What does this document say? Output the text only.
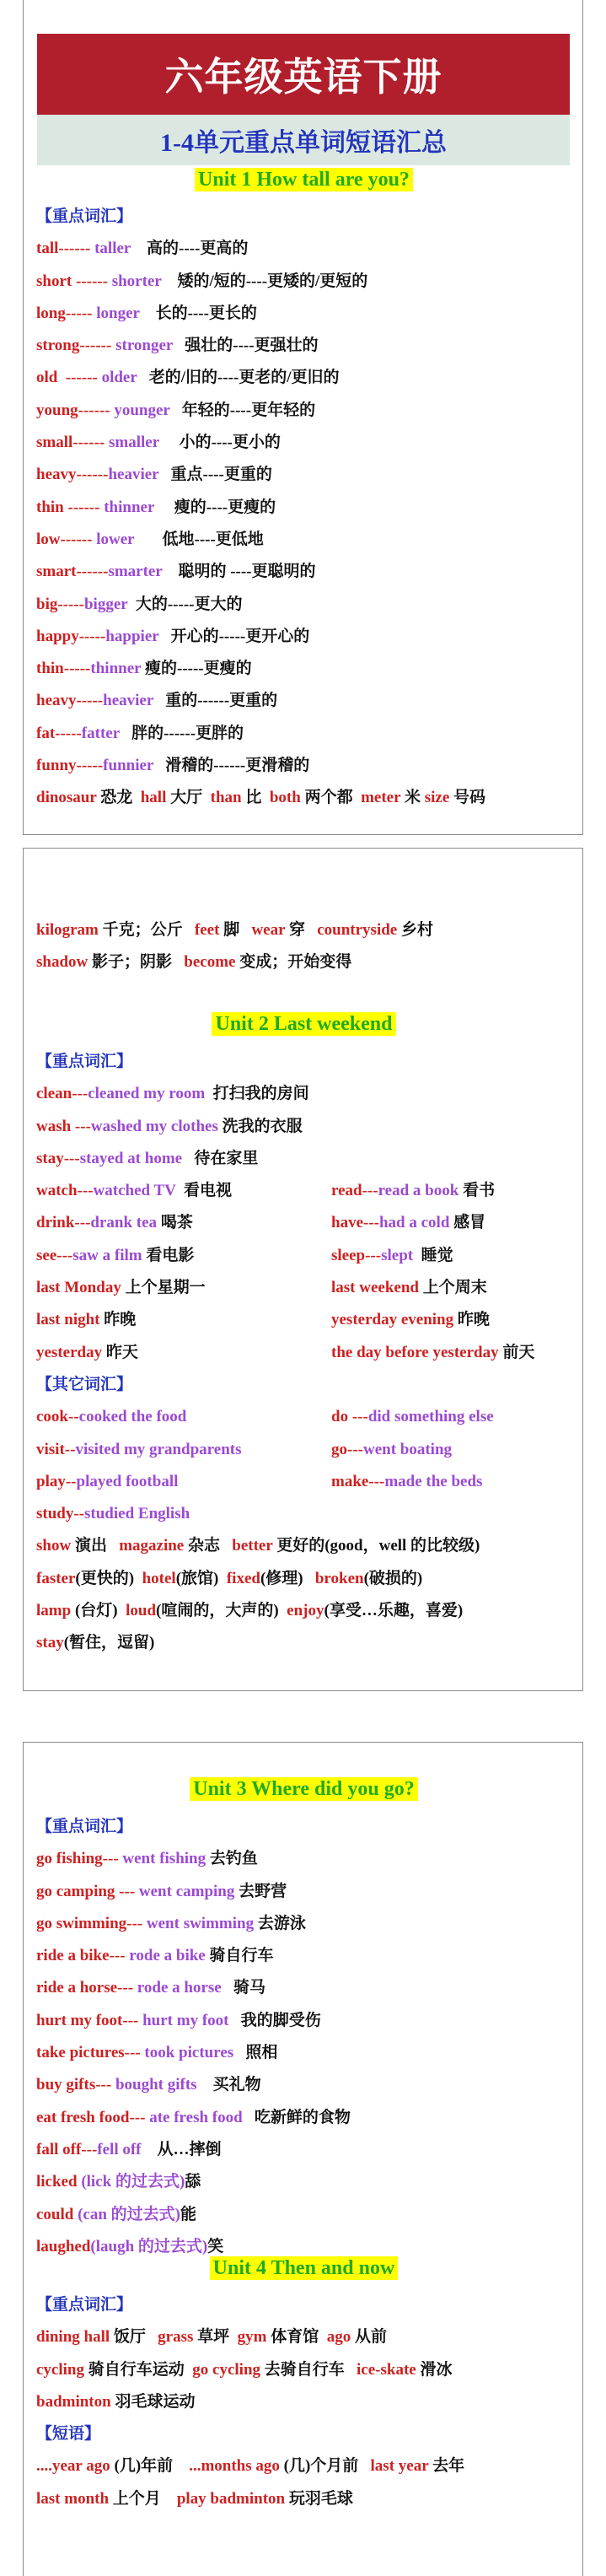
六年级英语下册
1-4单元重点单词短语汇总
Unit 1 How tall are you?
【重点词汇】
tall------ taller    高的----更高的
short ------ shorter    矮的/短的----更矮的/更短的
long----- longer    长的----更长的
strong------ stronger   强壮的----更强壮的
old  ------ older   老的/旧的----更老的/更旧的
young------ younger   年轻的----更年轻的
small------ smaller     小的----更小的
heavy------heavier   重点----更重的
thin ------ thinner     瘦的----更瘦的
low------ lower       低地----更低地
smart------smarter    聪明的 ----更聪明的
big-----bigger  大的-----更大的
happy-----happier   开心的-----更开心的
thin-----thinner 瘦的-----更瘦的
heavy-----heavier   重的------更重的
fat-----fatter   胖的------更胖的
funny-----funnier   滑稽的------更滑稽的
dinosaur 恐龙  hall 大厅  than 比  both 两个都  meter 米 size 号码
kilogram 千克；公斤   feet 脚   wear 穿   countryside 乡村
shadow 影子；阴影   become 变成；开始变得
Unit 2 Last weekend
【重点词汇】
clean---cleaned my room  打扫我的房间
wash ---washed my clothes 洗我的衣服
stay---stayed at home   待在家里
watch---watched TV  看电视	read---read a book 看书
drink---drank tea 喝茶	have---had a cold 感冒
see---saw a film 看电影	sleep---slept  睡觉
last Monday 上个星期一	last weekend 上个周末
last night 昨晚	yesterday evening 昨晚
yesterday 昨天	the day before yesterday 前天
【其它词汇】
cook--cooked the food	do ---did something else
visit--visited my grandparents	go---went boating
play--played football	make---made the beds
study--studied English
show 演出   magazine 杂志   better 更好的(good，well 的比较级)
faster(更快的)  hotel(旅馆)  fixed(修理)   broken(破损的)
lamp (台灯)  loud(喧闹的，大声的)  enjoy(享受…乐趣，喜爱)
stay(暂住，逗留)
Unit 3 Where did you go?
【重点词汇】
go fishing--- went fishing 去钓鱼
go camping --- went camping 去野营
go swimming--- went swimming 去游泳
ride a bike--- rode a bike 骑自行车
ride a horse--- rode a horse   骑马
hurt my foot--- hurt my foot   我的脚受伤
take pictures--- took pictures   照相
buy gifts--- bought gifts    买礼物
eat fresh food--- ate fresh food   吃新鲜的食物
fall off---fell off    从…摔倒
licked (lick 的过去式)舔
could (can 的过去式)能
laughed(laugh 的过去式)笑
Unit 4 Then and now
【重点词汇】
dining hall 饭厅   grass 草坪  gym 体育馆  ago 从前
cycling 骑自行车运动  go cycling 去骑自行车   ice-skate 滑冰
badminton 羽毛球运动
【短语】
....year ago (几)年前    ...months ago (几)个月前   last year 去年
last month 上个月    play badminton 玩羽毛球
